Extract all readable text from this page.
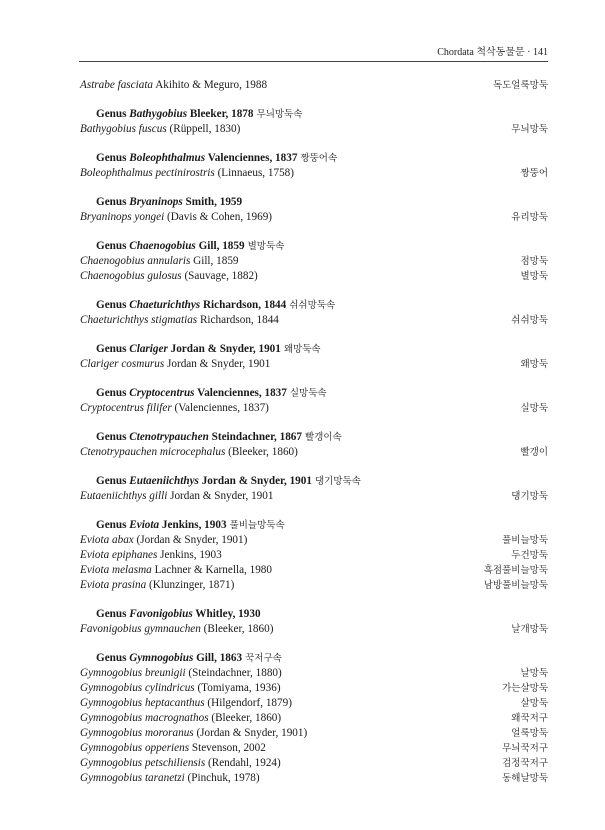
Chordata 척삭동물문 · 141
Astrabe fasciata Akihito & Meguro, 1988	독도얼룩망둑
Genus Bathygobius Bleeker, 1878 무늬망둑속
Bathygobius fuscus (Rüppell, 1830)	무늬망둑
Genus Boleophthalmus Valenciennes, 1837 짱뚱어속
Boleophthalmus pectinirostris (Linnaeus, 1758)	짱뚱어
Genus Bryaninops Smith, 1959
Bryaninops yongei (Davis & Cohen, 1969)	유리망둑
Genus Chaenogobius Gill, 1859 별망둑속
Chaenogobius annularis Gill, 1859	점망둑
Chaenogobius gulosus (Sauvage, 1882)	별망둑
Genus Chaeturichthys Richardson, 1844 쉬쉬망둑속
Chaeturichthys stigmatias Richardson, 1844	쉬쉬망둑
Genus Clariger Jordan & Snyder, 1901 왜망둑속
Clariger cosmurus Jordan & Snyder, 1901	왜망둑
Genus Cryptocentrus Valenciennes, 1837 실망둑속
Cryptocentrus filifer (Valenciennes, 1837)	실망둑
Genus Ctenotrypauchen Steindachner, 1867 빨갱이속
Ctenotrypauchen microcephalus (Bleeker, 1860)	빨갱이
Genus Eutaeniichthys Jordan & Snyder, 1901 댕기망둑속
Eutaeniichthys gilli Jordan & Snyder, 1901	댕기망둑
Genus Eviota Jenkins, 1903 풀비늘망둑속
Eviota abax (Jordan & Snyder, 1901)	풀비늘망둑
Eviota epiphanes Jenkins, 1903	두건망둑
Eviota melasma Lachner & Karnella, 1980	흑점풀비늘망둑
Eviota prasina (Klunzinger, 1871)	남방풀비늘망둑
Genus Favonigobius Whitley, 1930
Favonigobius gymnauchen (Bleeker, 1860)	날개망둑
Genus Gymnogobius Gill, 1863 꾹저구속
Gymnogobius breunigii (Steindachner, 1880)	날망둑
Gymnogobius cylindricus (Tomiyama, 1936)	가는살망둑
Gymnogobius heptacanthus (Hilgendorf, 1879)	살망둑
Gymnogobius macrognathos (Bleeker, 1860)	왜꾹저구
Gymnogobius mororanus (Jordan & Snyder, 1901)	얼룩망둑
Gymnogobius opperiens Stevenson, 2002	무늬꾹저구
Gymnogobius petschiliensis (Rendahl, 1924)	검정꾹저구
Gymnogobius taranetzi (Pinchuk, 1978)	동해날망둑
